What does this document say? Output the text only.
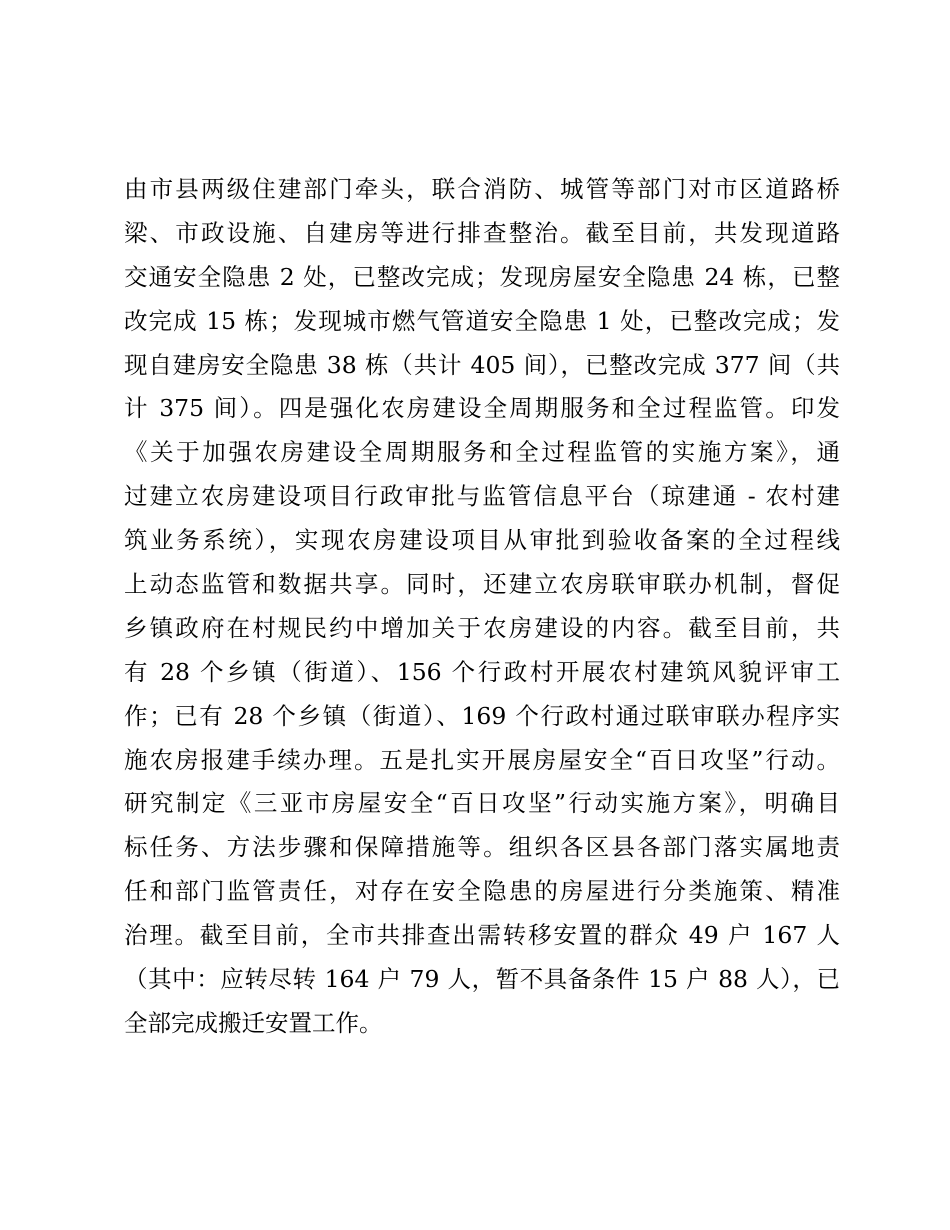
由市县两级住建部门牵头，联合消防、城管等部门对市区道路桥
梁、市政设施、自建房等进行排查整治。截至目前，共发现道路
交通安全隐患 2 处，已整改完成；发现房屋安全隐患 24 栋，已整
改完成 15 栋；发现城市燃气管道安全隐患 1 处，已整改完成；发
现自建房安全隐患 38 栋（共计 405 间），已整改完成 377 间（共
计 375 间）。四是强化农房建设全周期服务和全过程监管。印发
《关于加强农房建设全周期服务和全过程监管的实施方案》，通
过建立农房建设项目行政审批与监管信息平台（琼建通 - 农村建
筑业务系统），实现农房建设项目从审批到验收备案的全过程线
上动态监管和数据共享。同时，还建立农房联审联办机制，督促
乡镇政府在村规民约中增加关于农房建设的内容。截至目前，共
有 28 个乡镇（街道）、156 个行政村开展农村建筑风貌评审工
作；已有 28 个乡镇（街道）、169 个行政村通过联审联办程序实
施农房报建手续办理。五是扎实开展房屋安全“百日攻坚”行动。
研究制定《三亚市房屋安全“百日攻坚”行动实施方案》，明确目
标任务、方法步骤和保障措施等。组织各区县各部门落实属地责
任和部门监管责任，对存在安全隐患的房屋进行分类施策、精准
治理。截至目前，全市共排查出需转移安置的群众 49 户 167 人
（其中：应转尽转 164 户 79 人，暂不具备条件 15 户 88 人），已
全部完成搬迁安置工作。
